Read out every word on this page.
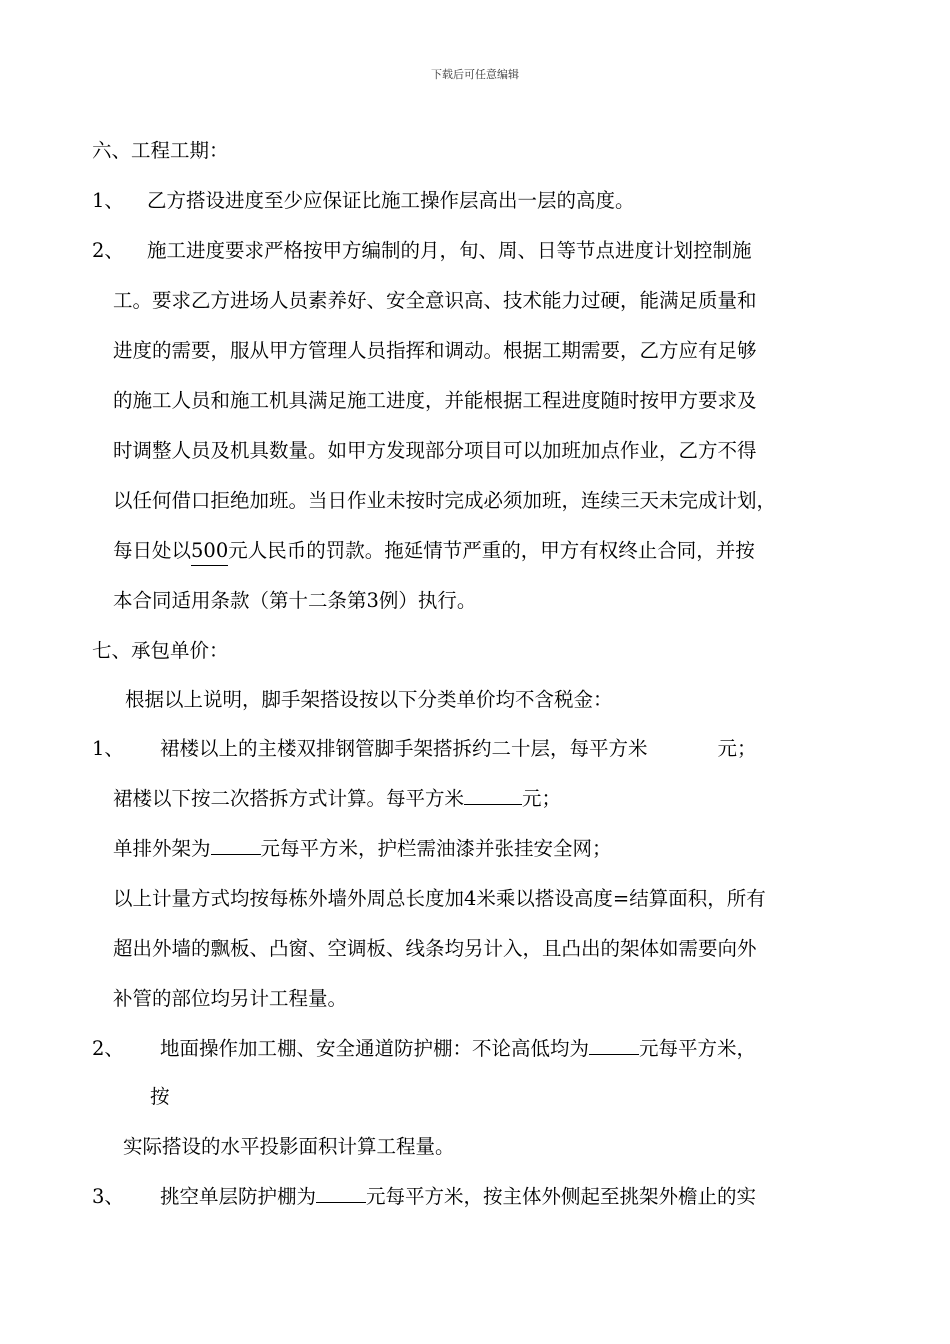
下载后可任意编辑
六、工程工期：
1、 乙方搭设进度至少应保证比施工操作层高出一层的高度。
2、 施工进度要求严格按甲方编制的月，旬、周、日等节点进度计划控制施
工。要求乙方进场人员素养好、安全意识高、技术能力过硬，能满足质量和
进度的需要，服从甲方管理人员指挥和调动。根据工期需要，乙方应有足够
的施工人员和施工机具满足施工进度，并能根据工程进度随时按甲方要求及
时调整人员及机具数量。如甲方发现部分项目可以加班加点作业，乙方不得
以任何借口拒绝加班。当日作业未按时完成必须加班，连续三天未完成计划，
每日处以500元人民币的罚款。拖延情节严重的，甲方有权终止合同，并按
本合同适用条款（第十二条第3例）执行。
七、承包单价：
根据以上说明，脚手架搭设按以下分类单价均不含税金：
1、 裙楼以上的主楼双排钢管脚手架搭拆约二十层，每平方米	元；
裙楼以下按二次搭拆方式计算。每平方米	元；
单排外架为	元每平方米，护栏需油漆并张挂安全网；
以上计量方式均按每栋外墙外周总长度加4米乘以搭设高度=结算面积，所有
超出外墙的飘板、凸窗、空调板、线条均另计入，且凸出的架体如需要向外
补管的部位均另计工程量。
2、 地面操作加工棚、安全通道防护棚：不论高低均为	元每平方米，
按
实际搭设的水平投影面积计算工程量。
3、 挑空单层防护棚为	元每平方米，按主体外侧起至挑架外檐止的实
